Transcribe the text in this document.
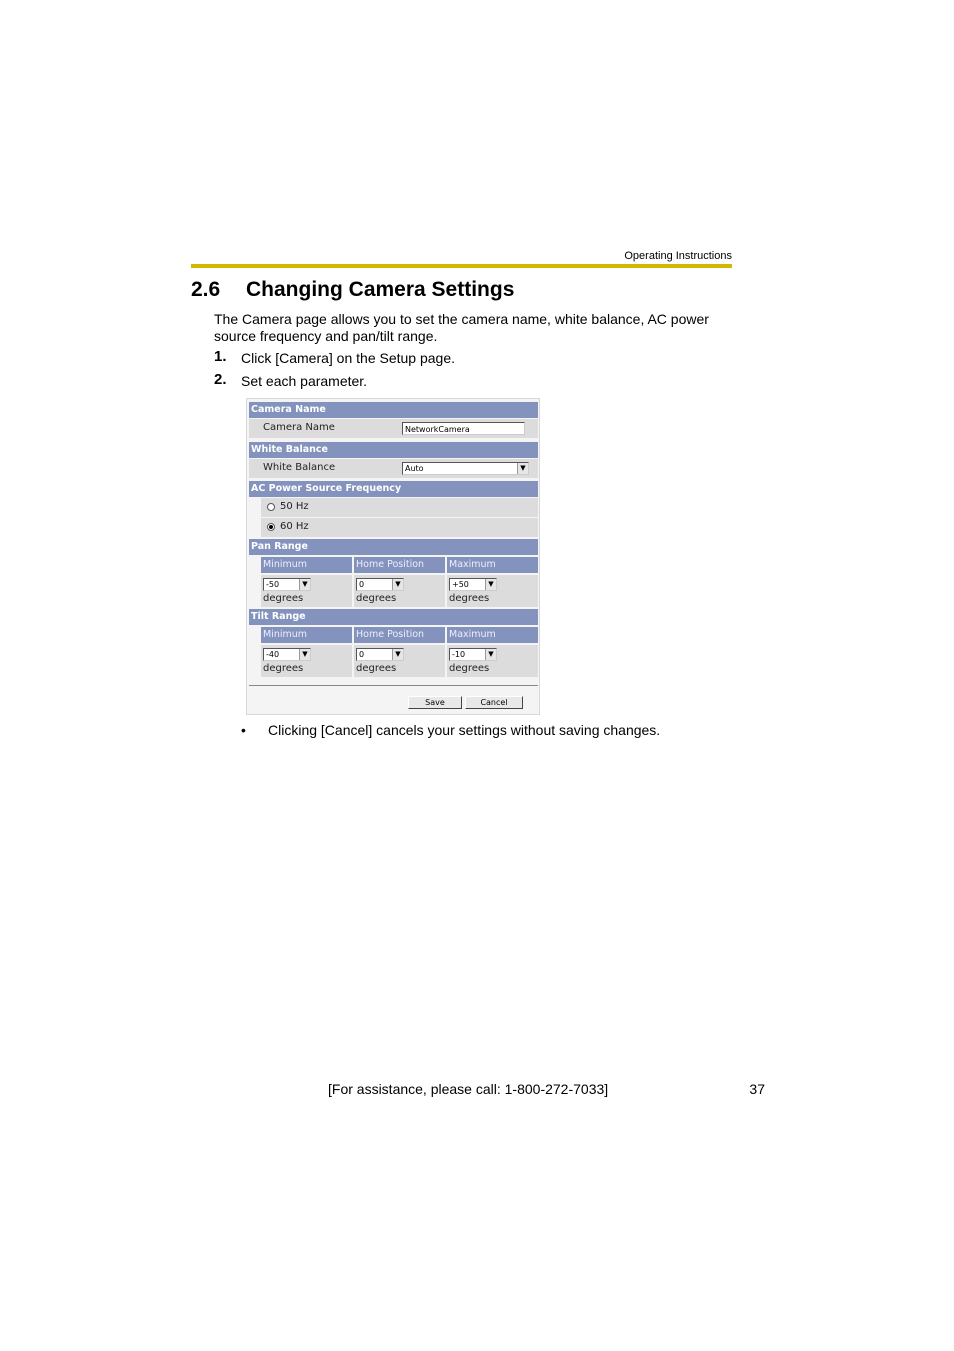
Operating Instructions
2.6 Changing Camera Settings
The Camera page allows you to set the camera name, white balance, AC power source frequency and pan/tilt range.
1. Click [Camera] on the Setup page.
2. Set each parameter.
Camera Name
Camera Name	NetworkCamera
White Balance
White Balance	Auto	▼
AC Power Source Frequency
50 Hz
60 Hz
Pan Range
Minimum	Home Position	Maximum
-50	▼
degrees
0	▼
degrees
+50	▼
degrees
Tilt Range
Minimum	Home Position	Maximum
-40	▼
degrees
0	▼
degrees
-10	▼
degrees
Save	Cancel
• Clicking [Cancel] cancels your settings without saving changes.
[For assistance, please call: 1-800-272-7033]	37
